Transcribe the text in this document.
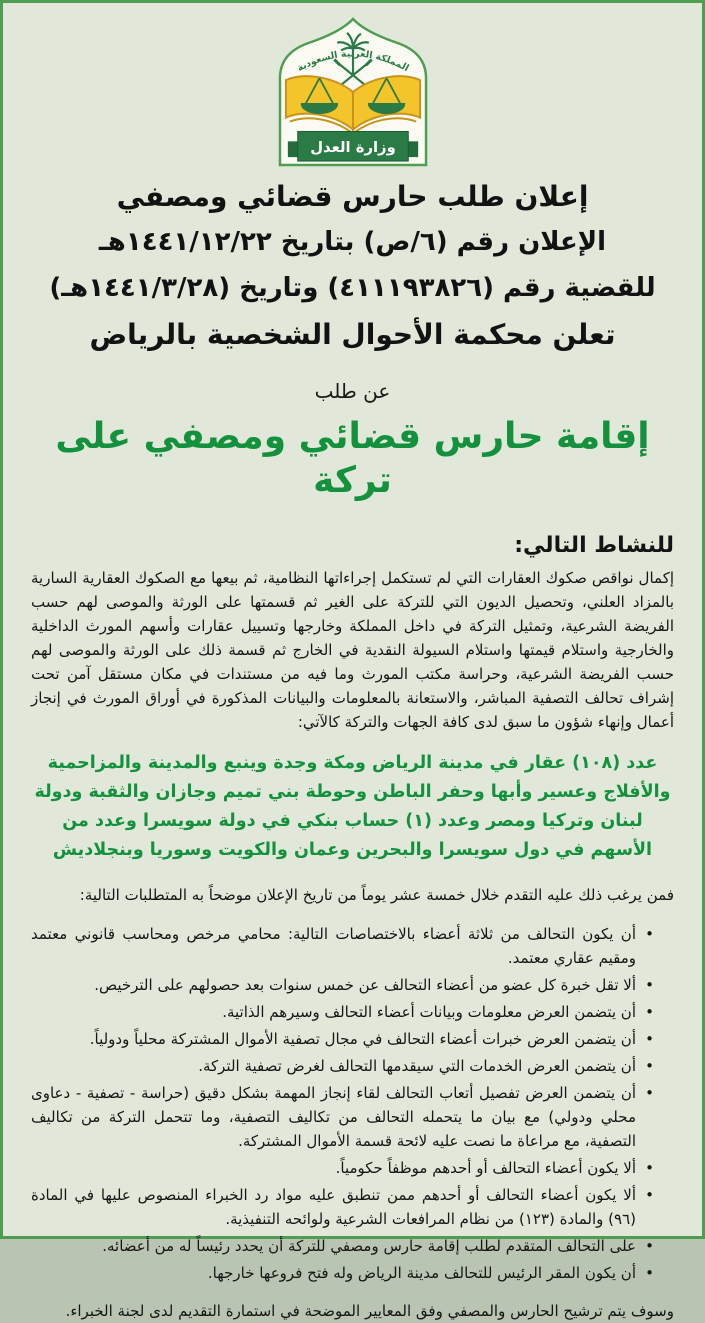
المملكة العربية السعودية
وزارة العدل
إعلان طلب حارس قضائي ومصفي
الإعلان رقم (٦/ص) بتاريخ ١٤٤١/١٢/٢٢هـ
للقضية رقم (٤١١١٩٣٨٢٦) وتاريخ (١٤٤١/٣/٢٨هـ)
تعلن محكمة الأحوال الشخصية بالرياض
عن طلب
إقامة حارس قضائي ومصفي على تركة
للنشاط التالي:

إكمال نواقص صكوك العقارات التي لم تستكمل إجراءاتها النظامية، ثم بيعها مع الصكوك العقارية السارية بالمزاد العلني، وتحصيل الديون التي للتركة على الغير ثم قسمتها على الورثة والموصى لهم حسب الفريضة الشرعية، وتمثيل التركة في داخل المملكة وخارجها وتسييل عقارات وأسهم المورث الداخلية والخارجية واستلام قيمتها واستلام السيولة النقدية في الخارج ثم قسمة ذلك على الورثة والموصى لهم حسب الفريضة الشرعية، وحراسة مكتب المورث وما فيه من مستندات في مكان مستقل آمن تحت إشراف تحالف التصفية المباشر، والاستعانة بالمعلومات والبيانات المذكورة في أوراق المورث في إنجاز أعمال وإنهاء شؤون ما سبق لدى كافة الجهات والتركة كالآتي:

عدد (١٠٨) عقار في مدينة الرياض ومكة وجدة وينبع والمدينة والمزاحمية والأفلاج وعسير وأبها وحفر الباطن وحوطة بني تميم وجازان والثقبة ودولة لبنان وتركيا ومصر وعدد (١) حساب بنكي في دولة سويسرا وعدد من الأسهم في دول سويسرا والبحرين وعمان والكويت وسوريا وبنجلاديش

فمن يرغب ذلك عليه التقدم خلال خمسة عشر يوماً من تاريخ الإعلان موضحاً به المتطلبات التالية:

• أن يكون التحالف من ثلاثة أعضاء بالاختصاصات التالية: محامي مرخص ومحاسب قانوني معتمد ومقيم عقاري معتمد.
• ألا تقل خبرة كل عضو من أعضاء التحالف عن خمس سنوات بعد حصولهم على الترخيص.
• أن يتضمن العرض معلومات وبيانات أعضاء التحالف وسيرهم الذاتية.
• أن يتضمن العرض خبرات أعضاء التحالف في مجال تصفية الأموال المشتركة محلياً ودولياً.
• أن يتضمن العرض الخدمات التي سيقدمها التحالف لغرض تصفية التركة.
• أن يتضمن العرض تفصيل أتعاب التحالف لقاء إنجاز المهمة بشكل دقيق (حراسة - تصفية - دعاوى محلي ودولي) مع بيان ما يتحمله التحالف من تكاليف التصفية، وما تتحمل التركة من تكاليف التصفية، مع مراعاة ما نصت عليه لائحة قسمة الأموال المشتركة.
• ألا يكون أعضاء التحالف أو أحدهم موظفاً حكومياً.
• ألا يكون أعضاء التحالف أو أحدهم ممن تنطبق عليه مواد رد الخبراء المنصوص عليها في المادة (٩٦) والمادة (١٢٣) من نظام المرافعات الشرعية ولوائحه التنفيذية.
• على التحالف المتقدم لطلب إقامة حارس ومصفي للتركة أن يحدد رئيساً له من أعضائه.
• أن يكون المقر الرئيس للتحالف مدينة الرياض وله فتح فروعها خارجها.

وسوف يتم ترشيح الحارس والمصفي وفق المعايير الموضحة في استمارة التقديم لدى لجنة الخبراء.
